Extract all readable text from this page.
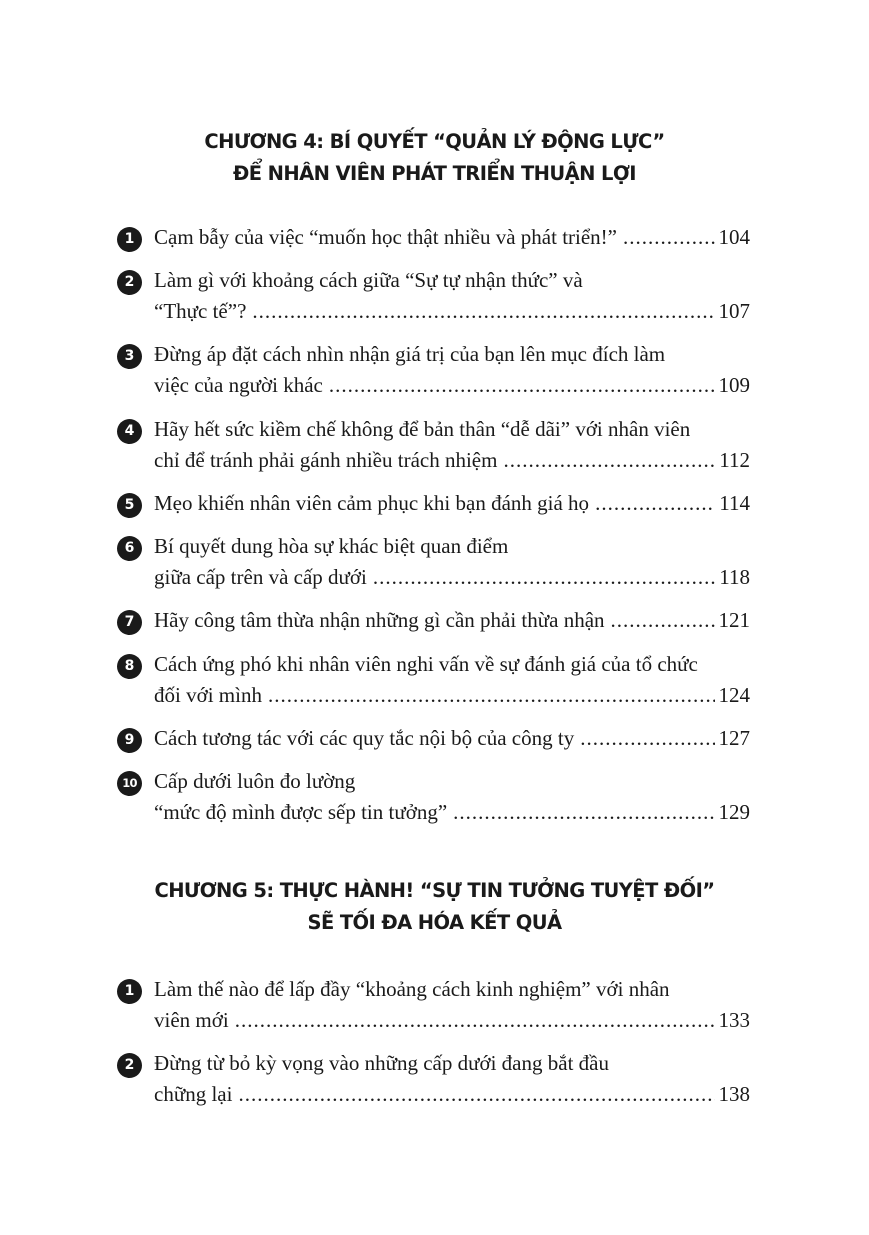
CHƯƠNG 4: BÍ QUYẾT “QUẢN LÝ ĐỘNG LỰC”
ĐỂ NHÂN VIÊN PHÁT TRIỂN THUẬN LỢI
1 Cạm bẫy của việc “muốn học thật nhiều và phát triển!” .....	104
2 Làm gì với khoảng cách giữa “Sự tự nhận thức” và
“Thực tế”? .....	107
3 Đừng áp đặt cách nhìn nhận giá trị của bạn lên mục đích làm
việc của người khác .....	109
4 Hãy hết sức kiềm chế không để bản thân “dễ dãi” với nhân viên
chỉ để tránh phải gánh nhiều trách nhiệm .....	112
5 Mẹo khiến nhân viên cảm phục khi bạn đánh giá họ .....	114
6 Bí quyết dung hòa sự khác biệt quan điểm
giữa cấp trên và cấp dưới .....	118
7 Hãy công tâm thừa nhận những gì cần phải thừa nhận .....	121
8 Cách ứng phó khi nhân viên nghi vấn về sự đánh giá của tổ chức
đối với mình .....	124
9 Cách tương tác với các quy tắc nội bộ của công ty .....	127
10 Cấp dưới luôn đo lường
“mức độ mình được sếp tin tưởng” .....	129
CHƯƠNG 5: THỰC HÀNH! “SỰ TIN TƯỞNG TUYỆT ĐỐI”
SẼ TỐI ĐA HÓA KẾT QUẢ
1 Làm thế nào để lấp đầy “khoảng cách kinh nghiệm” với nhân
viên mới .....	133
2 Đừng từ bỏ kỳ vọng vào những cấp dưới đang bắt đầu
chững lại .....	138
